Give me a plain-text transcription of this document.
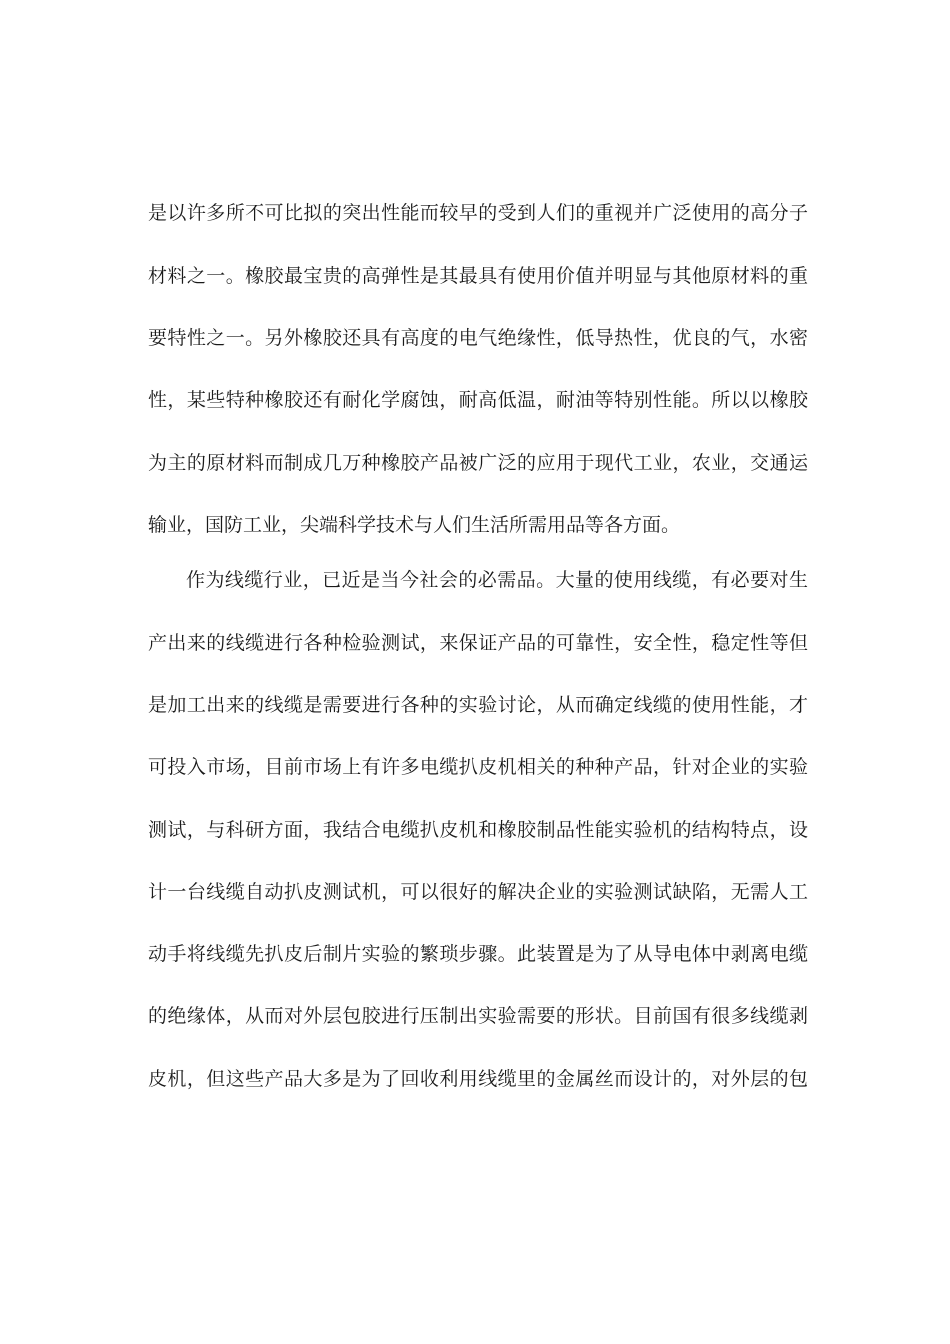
是以许多所不可比拟的突出性能而较早的受到人们的重视并广泛使用的高分子
材料之一。橡胶最宝贵的高弹性是其最具有使用价值并明显与其他原材料的重
要特性之一。另外橡胶还具有高度的电气绝缘性，低导热性，优良的气，水密
性，某些特种橡胶还有耐化学腐蚀，耐高低温，耐油等特别性能。所以以橡胶
为主的原材料而制成几万种橡胶产品被广泛的应用于现代工业，农业，交通运
输业，国防工业，尖端科学技术与人们生活所需用品等各方面。
作为线缆行业，已近是当今社会的必需品。大量的使用线缆，有必要对生
产出来的线缆进行各种检验测试，来保证产品的可靠性，安全性，稳定性等但
是加工出来的线缆是需要进行各种的实验讨论，从而确定线缆的使用性能，才
可投入市场，目前市场上有许多电缆扒皮机相关的种种产品，针对企业的实验
测试，与科研方面，我结合电缆扒皮机和橡胶制品性能实验机的结构特点，设
计一台线缆自动扒皮测试机，可以很好的解决企业的实验测试缺陷，无需人工
动手将线缆先扒皮后制片实验的繁琐步骤。此装置是为了从导电体中剥离电缆
的绝缘体，从而对外层包胶进行压制出实验需要的形状。目前国有很多线缆剥
皮机，但这些产品大多是为了回收利用线缆里的金属丝而设计的，对外层的包
